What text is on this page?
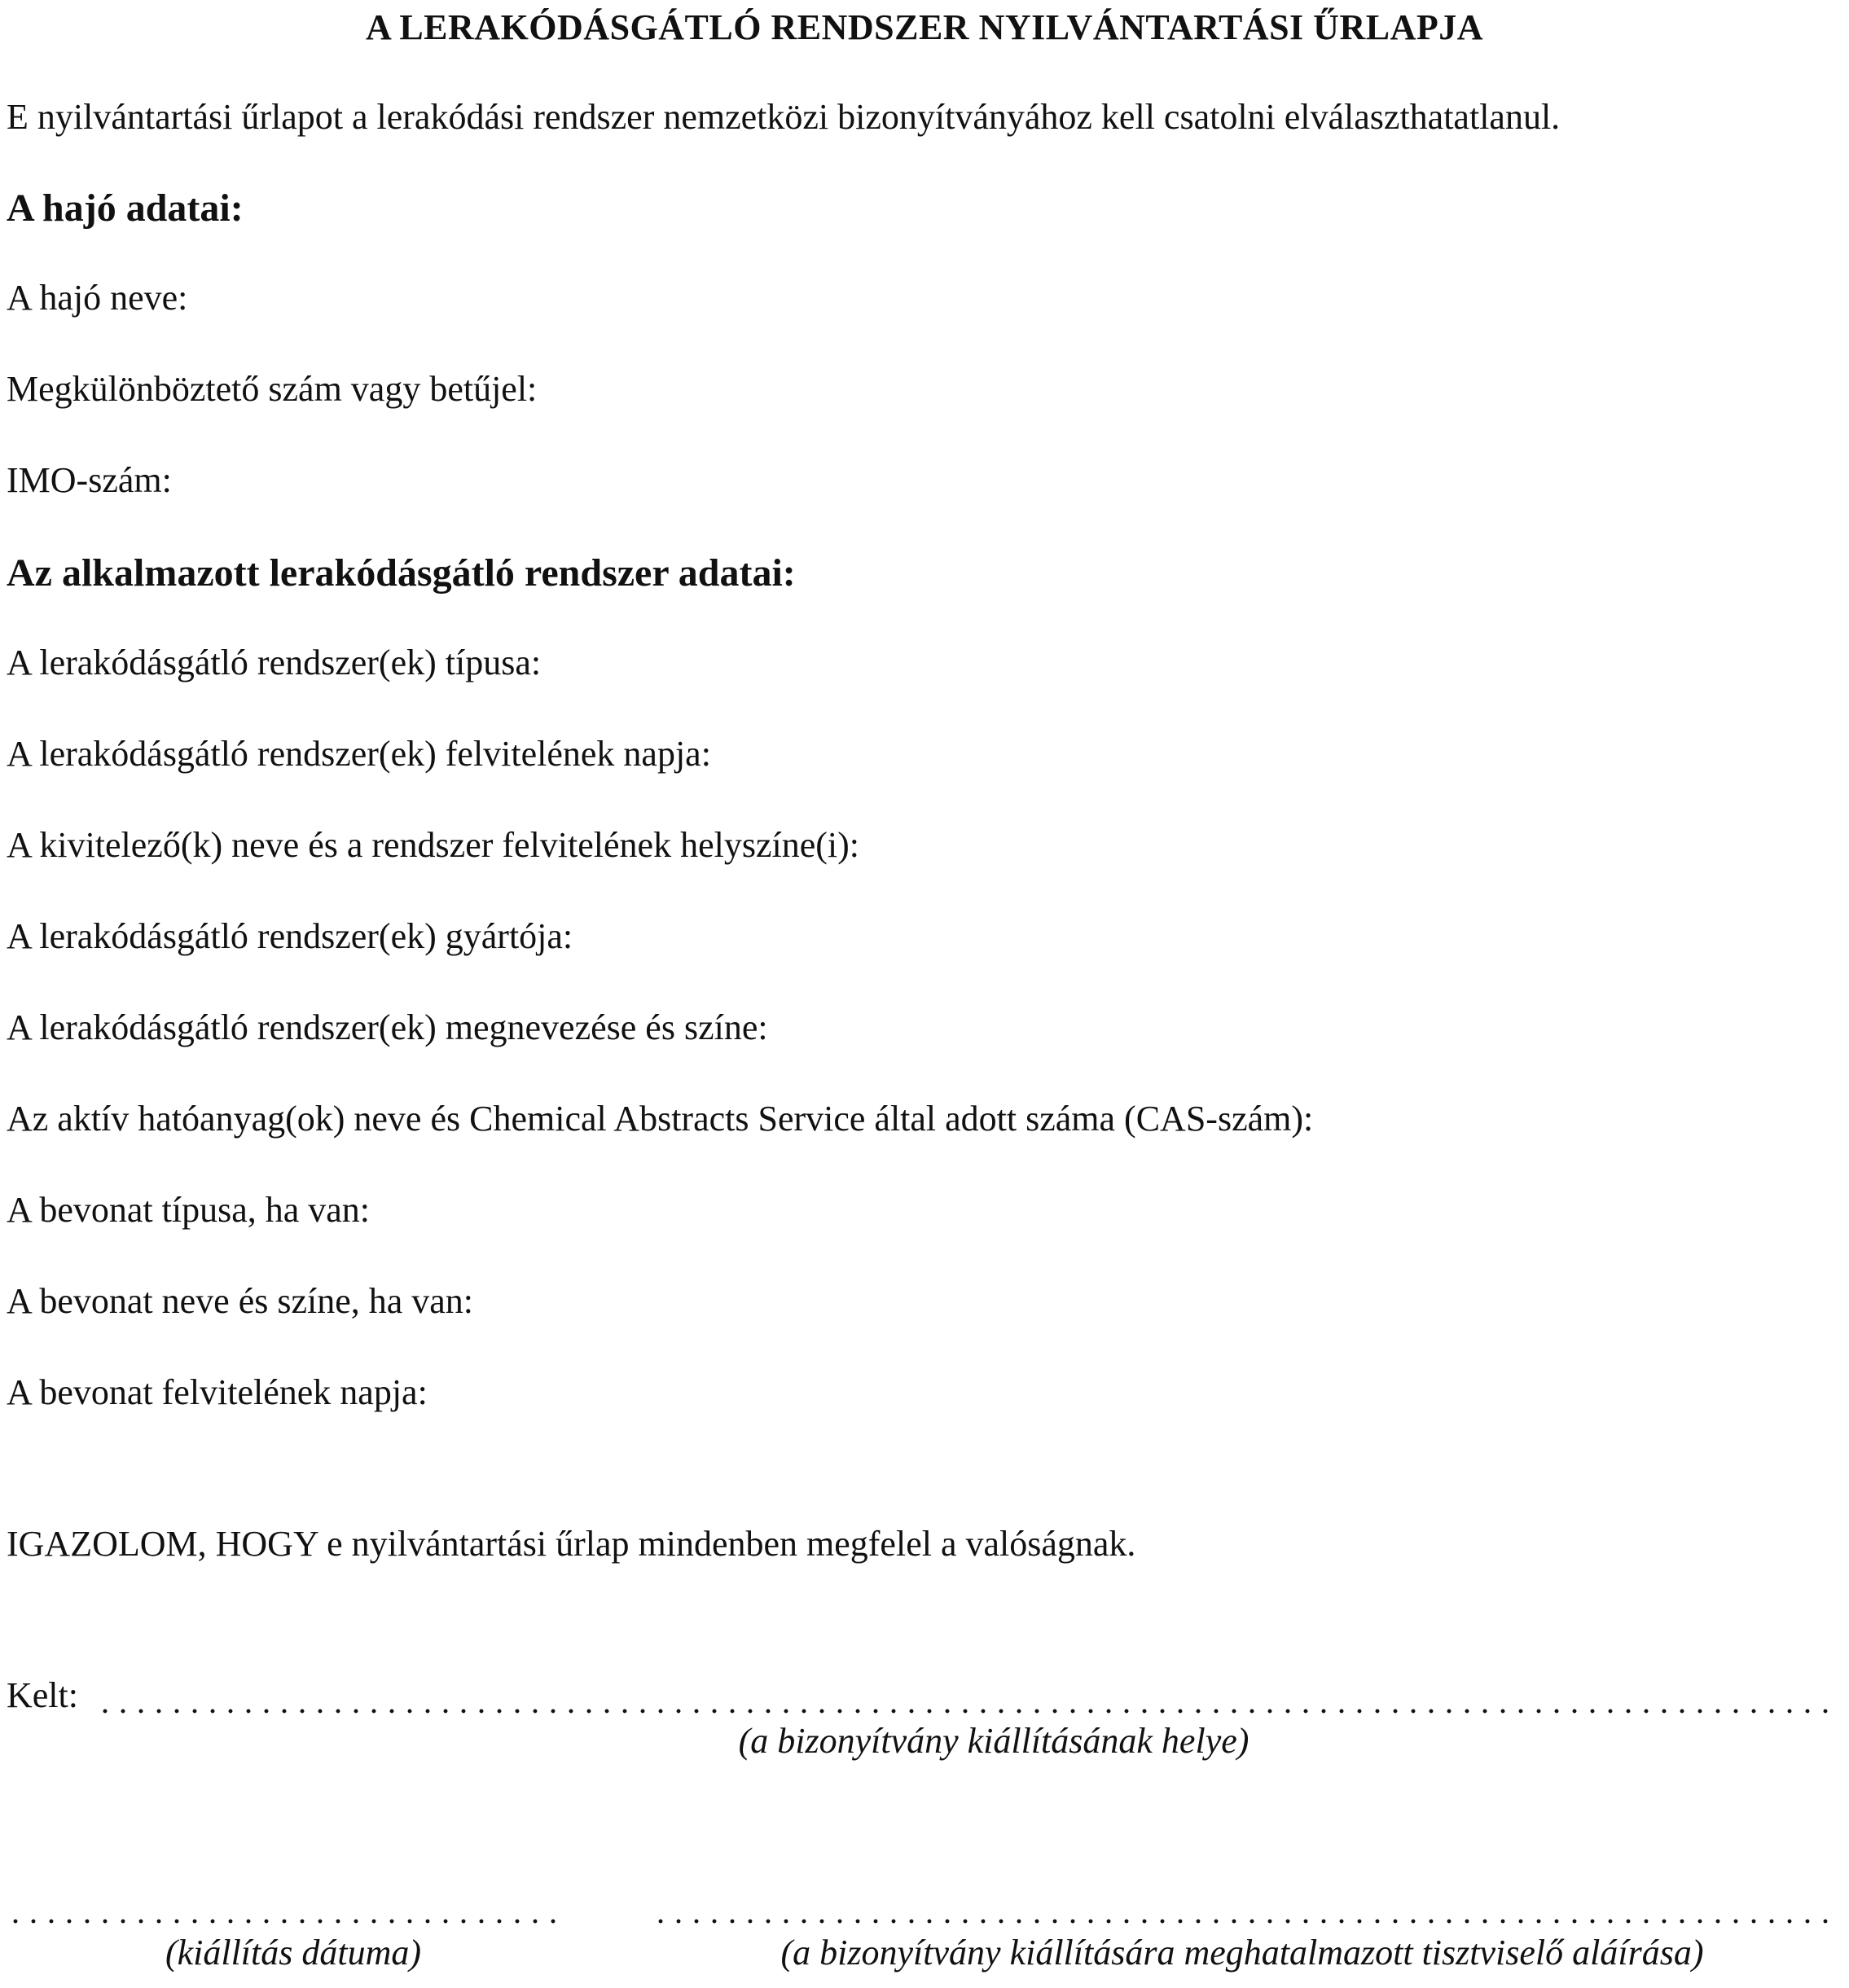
A LERAKÓDÁSGÁTLÓ RENDSZER NYILVÁNTARTÁSI ŰRLAPJA
E nyilvántartási űrlapot a lerakódási rendszer nemzetközi bizonyítványához kell csatolni elválaszthatatlanul.
A hajó adatai:
A hajó neve:
Megkülönböztető szám vagy betűjel:
IMO-szám:
Az alkalmazott lerakódásgátló rendszer adatai:
A lerakódásgátló rendszer(ek) típusa:
A lerakódásgátló rendszer(ek) felvitelének napja:
A kivitelező(k) neve és a rendszer felvitelének helyszíne(i):
A lerakódásgátló rendszer(ek) gyártója:
A lerakódásgátló rendszer(ek) megnevezése és színe:
Az aktív hatóanyag(ok) neve és Chemical Abstracts Service által adott száma (CAS-szám):
A bevonat típusa, ha van:
A bevonat neve és színe, ha van:
A bevonat felvitelének napja:
IGAZOLOM, HOGY e nyilvántartási űrlap mindenben megfelel a valóságnak.
Kelt:
(a bizonyítvány kiállításának helye)
(kiállítás dátuma)	(a bizonyítvány kiállítására meghatalmazott tisztviselő aláírása)
